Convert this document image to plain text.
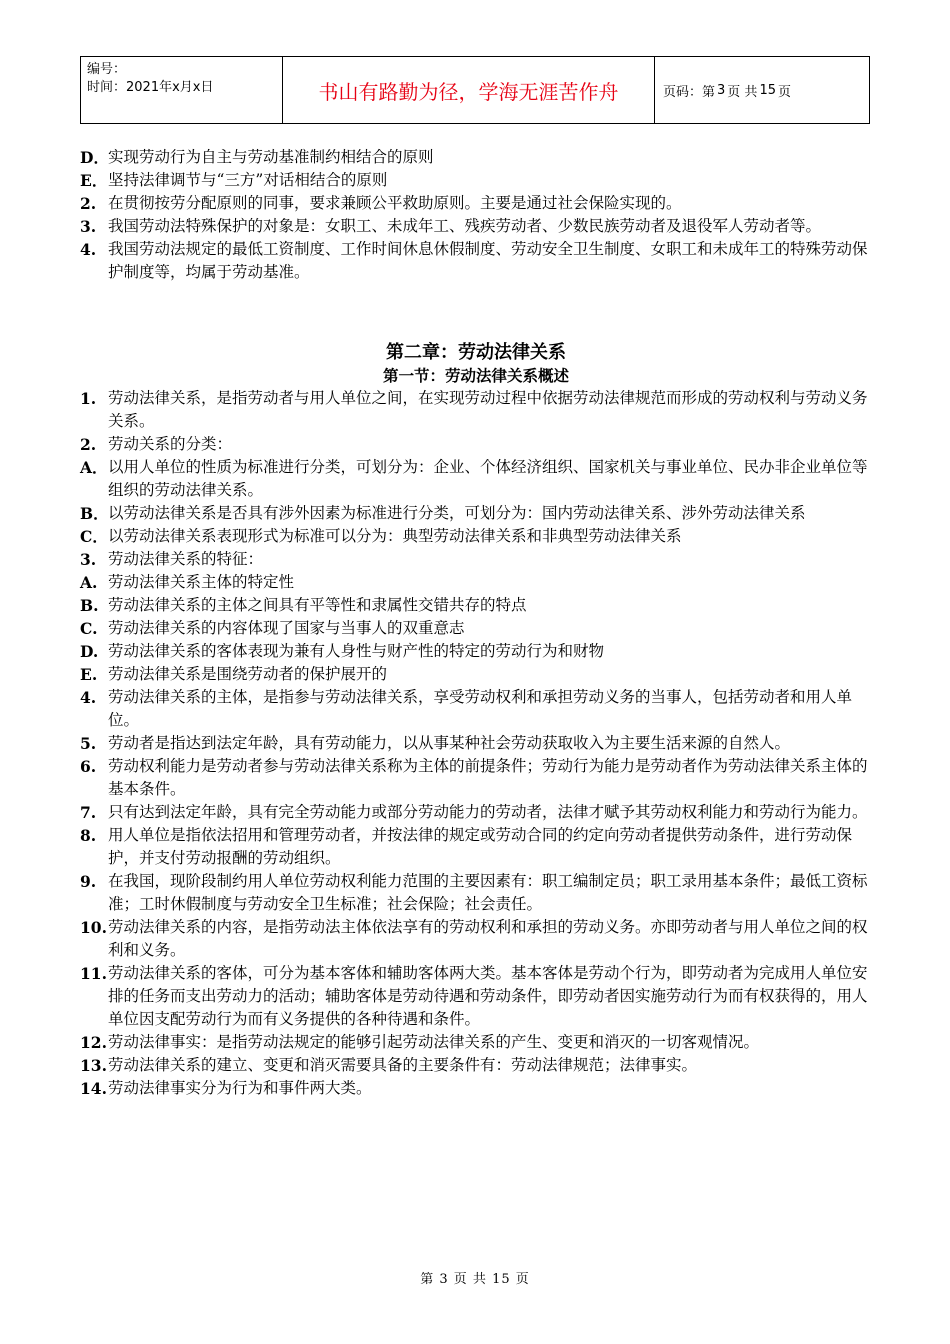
编号：
时间：2021年x月x日	书山有路勤为径，学海无涯苦作舟	页码：第 3 页 共 15 页
D． 实现劳动行为自主与劳动基准制约相结合的原则
E． 坚持法律调节与“三方”对话相结合的原则
2. 在贯彻按劳分配原则的同事，要求兼顾公平救助原则。主要是通过社会保险实现的。
3. 我国劳动法特殊保护的对象是：女职工、未成年工、残疾劳动者、少数民族劳动者及退役军人劳动者等。
4. 我国劳动法规定的最低工资制度、工作时间休息休假制度、劳动安全卫生制度、女职工和未成年工的特殊劳动保护制度等，均属于劳动基准。
第二章：劳动法律关系
第一节：劳动法律关系概述
1. 劳动法律关系，是指劳动者与用人单位之间，在实现劳动过程中依据劳动法律规范而形成的劳动权利与劳动义务关系。
2. 劳动关系的分类：
A． 以用人单位的性质为标准进行分类，可划分为：企业、个体经济组织、国家机关与事业单位、民办非企业单位等组织的劳动法律关系。
B． 以劳动法律关系是否具有涉外因素为标准进行分类，可划分为：国内劳动法律关系、涉外劳动法律关系
C． 以劳动法律关系表现形式为标准可以分为：典型劳动法律关系和非典型劳动法律关系
3. 劳动法律关系的特征：
A. 劳动法律关系主体的特定性
B. 劳动法律关系的主体之间具有平等性和隶属性交错共存的特点
C. 劳动法律关系的内容体现了国家与当事人的双重意志
D. 劳动法律关系的客体表现为兼有人身性与财产性的特定的劳动行为和财物
E. 劳动法律关系是围绕劳动者的保护展开的
4. 劳动法律关系的主体，是指参与劳动法律关系，享受劳动权利和承担劳动义务的当事人，包括劳动者和用人单位。
5. 劳动者是指达到法定年龄，具有劳动能力，以从事某种社会劳动获取收入为主要生活来源的自然人。
6. 劳动权利能力是劳动者参与劳动法律关系称为主体的前提条件；劳动行为能力是劳动者作为劳动法律关系主体的基本条件。
7. 只有达到法定年龄，具有完全劳动能力或部分劳动能力的劳动者，法律才赋予其劳动权利能力和劳动行为能力。
8. 用人单位是指依法招用和管理劳动者，并按法律的规定或劳动合同的约定向劳动者提供劳动条件，进行劳动保护，并支付劳动报酬的劳动组织。
9. 在我国，现阶段制约用人单位劳动权利能力范围的主要因素有：职工编制定员；职工录用基本条件；最低工资标准；工时休假制度与劳动安全卫生标准；社会保险；社会责任。
10. 劳动法律关系的内容，是指劳动法主体依法享有的劳动权利和承担的劳动义务。亦即劳动者与用人单位之间的权利和义务。
11. 劳动法律关系的客体，可分为基本客体和辅助客体两大类。基本客体是劳动个行为，即劳动者为完成用人单位安排的任务而支出劳动力的活动；辅助客体是劳动待遇和劳动条件，即劳动者因实施劳动行为而有权获得的，用人单位因支配劳动行为而有义务提供的各种待遇和条件。
12. 劳动法律事实：是指劳动法规定的能够引起劳动法律关系的产生、变更和消灭的一切客观情况。
13. 劳动法律关系的建立、变更和消灭需要具备的主要条件有：劳动法律规范；法律事实。
14. 劳动法律事实分为行为和事件两大类。
第 3 页 共 15 页
